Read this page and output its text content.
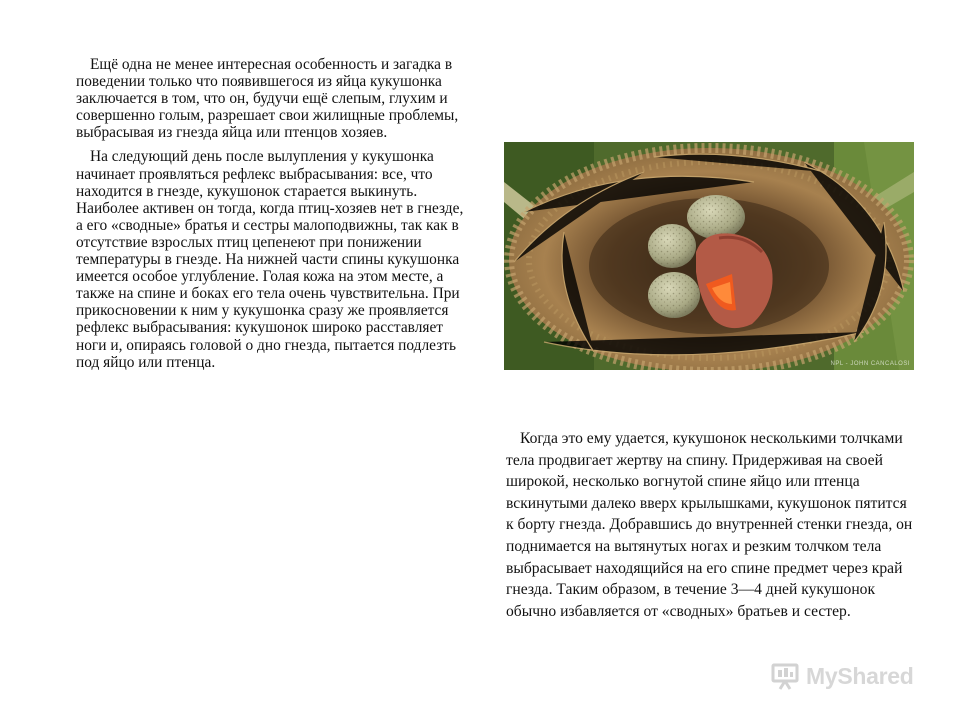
Ещё одна не менее интересная особенность и загадка в поведении только что появившегося из яйца кукушонка заключается в том, что он, будучи ещё слепым, глухим и совершенно голым, разрешает свои жилищные проблемы, выбрасывая из гнезда яйца или птенцов хозяев.

На следующий день после вылупления у кукушонка начинает проявляться рефлекс выбрасывания: все, что находится в гнезде, кукушонок старается выкинуть. Наиболее активен он тогда, когда птиц-хозяев нет в гнезде, а его «сводные» братья и сестры малоподвижны, так как в отсутствие взрослых птиц цепенеют при понижении температуры в гнезде. На нижней части спины кукушонка имеется особое углубление. Голая кожа на этом месте, а также на спине и боках его тела очень чувствительна. При прикосновении к ним у кукушонка сразу же проявляется рефлекс выбрасывания: кукушонок широко расставляет ноги и, опираясь головой о дно гнезда, пытается подлезть под яйцо или птенца.	NPL - JOHN CANCALOSI

Когда это ему удается, кукушонок несколькими толчками тела продвигает жертву на спину. Придерживая на своей широкой, несколько вогнутой спине яйцо или птенца вскинутыми далеко вверх крылышками, кукушонок пятится к борту гнезда. Добравшись до внутренней стенки гнезда, он поднимается на вытянутых ногах и резким толчком тела выбрасывает находящийся на его спине предмет через край гнезда. Таким образом, в течение 3—4 дней кукушонок обычно избавляется от «сводных» братьев и сестер.

MyShared
